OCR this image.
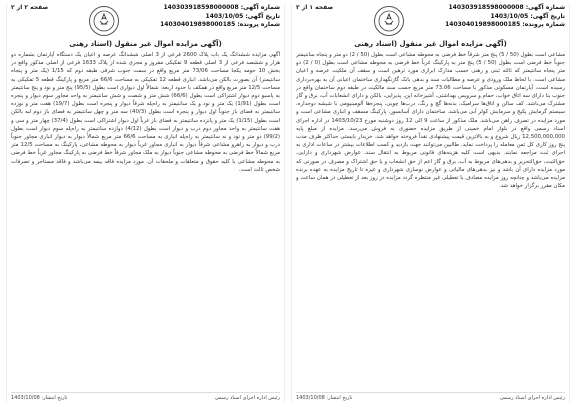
شماره آگهی: 140303918598000008
تاریخ آگهی: 1403/10/05
شماره پرونده: 140304019898000185
صفحه ۲ از ۲
(آگهی مزایده اموال غیر منقول (اسناد رهنی
آگهی مزایده ششدانگ یک باب پلاک 2600 فرعی از 3 اصلی ششدانگ عرصه و اعیان یک دستگاه آپارتمان بشماره دو هزار و ششصد فرعی از 3 اصلی قطعه 9 تفکیکی مفروز و مجزی شده از پلاک 1633 فرعی از اصلی مذکور واقع در بخش 10 حومه یکجا مساحت 73/06 متر مربع واقع در سمت جنوب شرقی طبقه دوم که 1/15 (یک متر و پنجاه سانتیمتر) آن بصورت بالکن می‌باشد. انباری قطعه 12 تفکیکی به مساحت 66/6 متر مربع و پارکینگ قطعه 5 تفکیکی به مساحت 12/5 متر مربع واقع در همکف با حدود اربعه: شمالاً اول دیواری است بطول (95/5) پنج متر و نود و پنج سانتیمتر به پاسیو دوم دیوار اشتراکی است بطول (66/6) شش متر و شصت و شش سانتیمتر به واحد مجاور سوم دیوار و پنجره است بطول (1/91) یک متر و نود و یک سانتیمتر به راه‌پله شرقاً دیوار و پنجره است بطول (19/7) هفت متر و نوزده سانتیمتر به فضای باز جنوباً اول دیوار و پنجره است بطول (40/3) سه متر و چهل سانتیمتر به فضای باز دوم لبه بالکن است بطول (1/15) یک متر و پانزده سانتیمتر به فضای باز غرباً اول دیوار اشتراکی است بطول (37/4) چهار متر و سی و هفت سانتیمتر به واحد مجاور دوم درب و دیوار است بطول (4/12) دوازده سانتیمتر به راه‌پله سوم دیوار است بطول (99/2) دو متر و نود و نه سانتیمتر به راه‌پله انباری به مساحت 66/6 متر مربع شمالاً دیوار به دیوار انباری مجاور جنوباً درب و دیوار به راهرو مشاعی شرقاً دیوار به انباری مجاور غرباً دیوار به محوطه مشاعی، پارکینگ به مساحت 12/5 متر مربع شمالاً خط فرضی به محوطه مشاعی جنوباً دیوار به ملک مجاور شرقاً خط فرضی به پارکینگ مجاور غرباً خط فرضی به محوطه مشاعی با کلیه حقوق و متعلقات و ملحقات آن. مورد مزایده فاقد بیمه می‌باشد و فاقد مستاجر و تصرفات شخص ثالث است.
رئیس اداره اجرای اسناد رسمی
تاریخ انتشار: 1403/10/08
شماره آگهی: 140303918598000008
تاریخ آگهی: 1403/10/05
شماره پرونده: 140304019898000185
صفحه ۱ از ۲
(آگهی مزایده اموال غیر منقول (اسناد رهنی
مشاعی است بطول (50 / 5) پنج متر شرقاً خط فرضی به محوطه مشاعی است بطول (50 / 2) دو متر و پنجاه سانتیمتر جنوباً خط فرضی است بطول (50 / 5) پنج متر به پارکینگ غرباً خط فرضی به محوطه مشاعی است بطول (0 / 2) دو متر پنجاه سانتیمتر که ثالثه ثبتی و رهنی حسب مدارک ابرازی مورد ترهین است و سقف آن ملکیت عرصه و اعیان مشاعی است. با لحاظ ملک ورودی و عرصه و مطالبات سند و بدهی بانک گازنگهداری ساختمان اعیانی آن به بهره‌برداری رسیده است، آپارتمان مسکونی مذکور با مساحت 73.06 متر مربع حسب سند مالکیت در طبقه دوم ساختمان واقع در جنوب بنا دارای سه اتاق خواب، حمام و سرویس بهداشتی، آشپزخانه اپن، پذیرایی، بالکن و دارای انشعابات آب، برق و گاز مشترک می‌باشد. کف سالن و اتاق‌ها سرامیک، بدنه‌ها گچ و رنگ، درب‌ها چوبی، پنجره‌ها آلومینیومی با شیشه دوجداره، سیستم گرمایش پکیج و سرمایش کولر آبی می‌باشد. ساختمان دارای آسانسور، پارکینگ مسقف و انباری مشاعی است و مورد مزایده در تصرف راهن می‌باشد. ملک مذکور از ساعت 9 الی 12 روز دوشنبه مورخ 1403/10/23 در اداره اجرای اسناد رسمی واقع در بلوار امام خمینی از طریق مزایده حضوری به فروش می‌رسد. مزایده از مبلغ پایه 12,500,000,000 ریال شروع و به بالاترین قیمت پیشنهادی نقداً فروخته خواهد شد. خریدار بایستی حداکثر ظرف مدت پنج روز کاری کل ثمن معامله را پرداخت نماید. طالبین می‌توانند جهت بازدید و کسب اطلاعات بیشتر در ساعات اداری به اجرای ثبت مراجعه نمایند. بدیهی است کلیه هزینه‌های قانونی مربوط به انتقال سند، عوارض شهرداری و دارایی، حق‌الثبت، حق‌التحریر و بدهی‌های مربوط به آب، برق و گاز اعم از حق انشعاب و یا حق اشتراک و مصرف در صورتی که مورد مزایده دارای آن باشد و نیز بدهی‌های مالیاتی و عوارض نوسازی شهرداری و غیره تا تاریخ مزایده به عهده برنده مزایده می‌باشد و چنانچه روز مزایده مصادف با تعطیلی غیر منتظره گردد مزایده در روز بعد از تعطیلی در همان ساعت و مکان مقرر برگزار خواهد شد.
رئیس اداره اجرای اسناد رسمی
تاریخ انتشار: 1403/10/08
